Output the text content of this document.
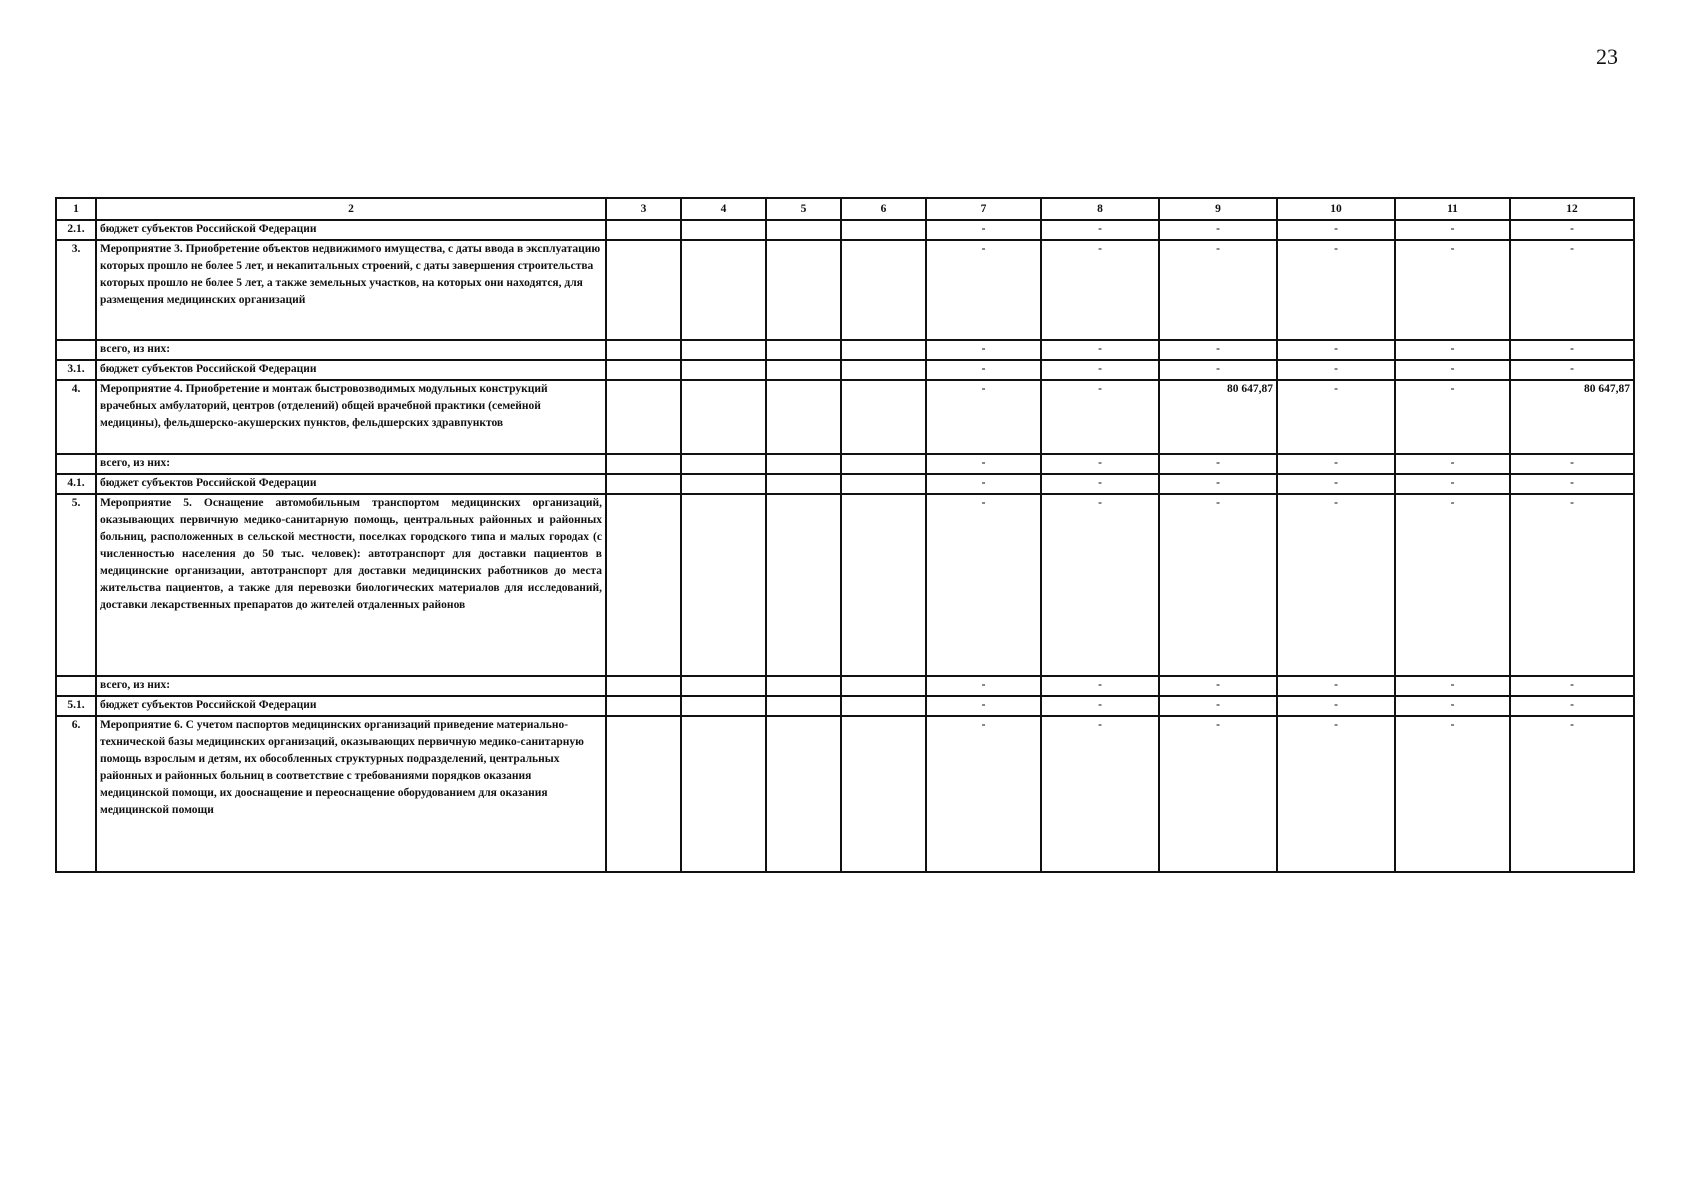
23
1	2	3	4	5	6	7	8	9	10	11	12
2.1.	бюджет субъектов Российской Федерации					-	-	-	-	-	-
3.	Мероприятие 3. Приобретение объектов недвижимого имущества, с даты ввода в эксплуатацию которых прошло не более 5 лет, и некапитальных строений, с даты завершения строительства которых прошло не более 5 лет, а также земельных участков, на которых они находятся, для размещения медицинских организаций					-	-	-	-	-	-
	всего, из них:					-	-	-	-	-	-
3.1.	бюджет субъектов Российской Федерации					-	-	-	-	-	-
4.	Мероприятие 4. Приобретение и монтаж быстровозводимых модульных конструкций врачебных амбулаторий, центров (отделений) общей врачебной практики (семейной медицины), фельдшерско-акушерских пунктов, фельдшерских здравпунктов					-	-	80 647,87	-	-	80 647,87
	всего, из них:					-	-	-	-	-	-
4.1.	бюджет субъектов Российской Федерации					-	-	-	-	-	-
5.	Мероприятие 5. Оснащение автомобильным транспортом медицинских организаций, оказывающих первичную медико-санитарную помощь, центральных районных и районных больниц, расположенных в сельской местности, поселках городского типа и малых городах (с численностью населения до 50 тыс. человек): автотранспорт для доставки пациентов в медицинские организации, автотранспорт для доставки медицинских работников до места жительства пациентов, а также для перевозки биологических материалов для исследований, доставки лекарственных препаратов до жителей отдаленных районов					-	-	-	-	-	-
	всего, из них:					-	-	-	-	-	-
5.1.	бюджет субъектов Российской Федерации					-	-	-	-	-	-
6.	Мероприятие 6. С учетом паспортов медицинских организаций приведение материально-технической базы медицинских организаций, оказывающих первичную медико-санитарную помощь взрослым и детям, их обособленных структурных подразделений, центральных районных и районных больниц в соответствие с требованиями порядков оказания медицинской помощи, их дооснащение и переоснащение оборудованием для оказания медицинской помощи					-	-	-	-	-	-
